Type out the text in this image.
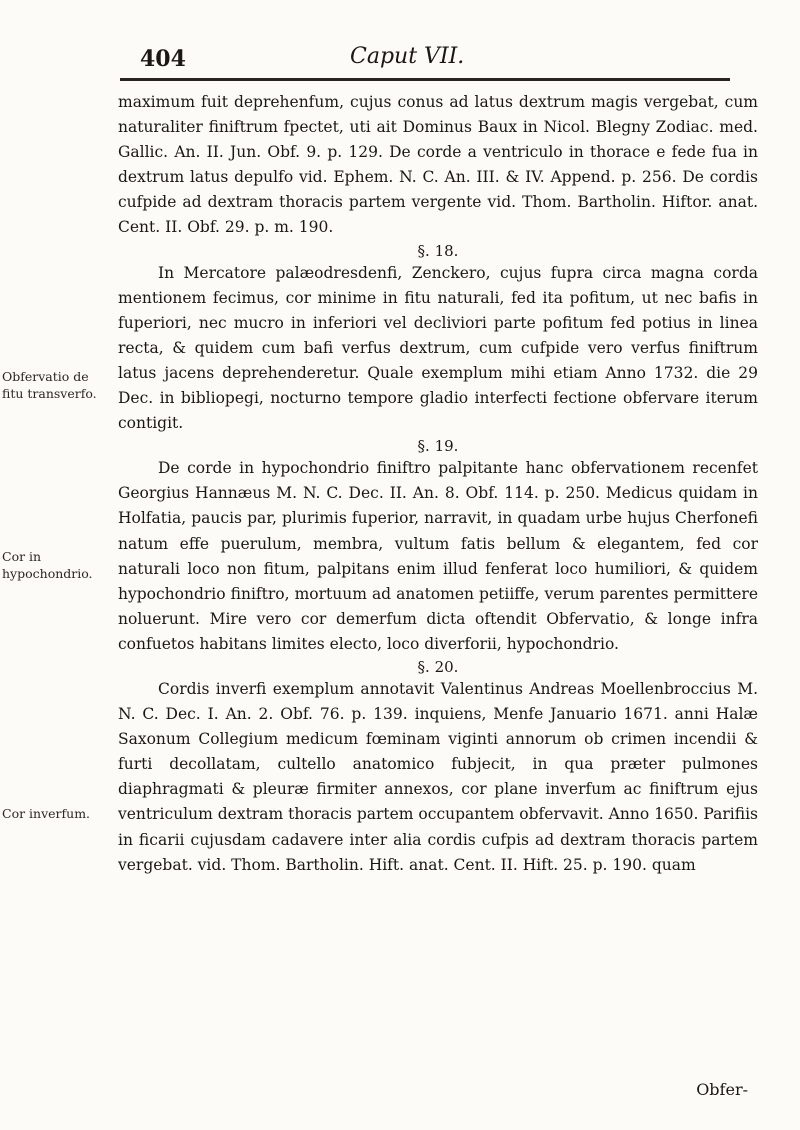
404	Caput VII.
Obfervatio de fitu transverfo.
Cor in hypochondrio.
Cor inverfum.

maximum fuit deprehenfum, cujus conus ad latus dextrum magis vergebat, cum naturaliter finiftrum fpectet, uti ait Dominus Baux in Nicol. Blegny Zodiac. med. Gallic. An. II. Jun. Obf. 9. p. 129. De corde a ventriculo in thorace e fede fua in dextrum latus depulfo vid. Ephem. N. C. An. III. & IV. Append. p. 256. De cordis cufpide ad dextram thoracis partem vergente vid. Thom. Bartholin. Hiftor. anat. Cent. II. Obf. 29. p. m. 190.

§. 18.

In Mercatore palæodresdenfi, Zenckero, cujus fupra circa magna corda mentionem fecimus, cor minime in fitu naturali, fed ita pofitum, ut nec bafis in fuperiori, nec mucro in inferiori vel decliviori parte pofitum fed potius in linea recta, & quidem cum bafi verfus dextrum, cum cufpide vero verfus finiftrum latus jacens deprehenderetur. Quale exemplum mihi etiam Anno 1732. die 29 Dec. in bibliopegi, nocturno tempore gladio interfecti fectione obfervare iterum contigit.

§. 19.

De corde in hypochondrio finiftro palpitante hanc obfervationem recenfet Georgius Hannæus M. N. C. Dec. II. An. 8. Obf. 114. p. 250. Medicus quidam in Holfatia, paucis par, plurimis fuperior, narravit, in quadam urbe hujus Cherfonefi natum effe puerulum, membra, vultum fatis bellum & elegantem, fed cor naturali loco non fitum, palpitans enim illud fenferat loco humiliori, & quidem hypochondrio finiftro, mortuum ad anatomen petiiffe, verum parentes permittere noluerunt. Mire vero cor demerfum dicta oftendit Obfervatio, & longe infra confuetos habitans limites electo, loco diverforii, hypochondrio.

§. 20.

Cordis inverfi exemplum annotavit Valentinus Andreas Moellenbroccius M. N. C. Dec. I. An. 2. Obf. 76. p. 139. inquiens, Menfe Januario 1671. anni Halæ Saxonum Collegium medicum fœminam viginti annorum ob crimen incendii & furti decollatam, cultello anatomico fubjecit, in qua præter pulmones diaphragmati & pleuræ firmiter annexos, cor plane inverfum ac finiftrum ejus ventriculum dextram thoracis partem occupantem obfervavit. Anno 1650. Parifiis in ficarii cujusdam cadavere inter alia cordis cufpis ad dextram thoracis partem vergebat. vid. Thom. Bartholin. Hift. anat. Cent. II. Hift. 25. p. 190. quam

Obfer-
